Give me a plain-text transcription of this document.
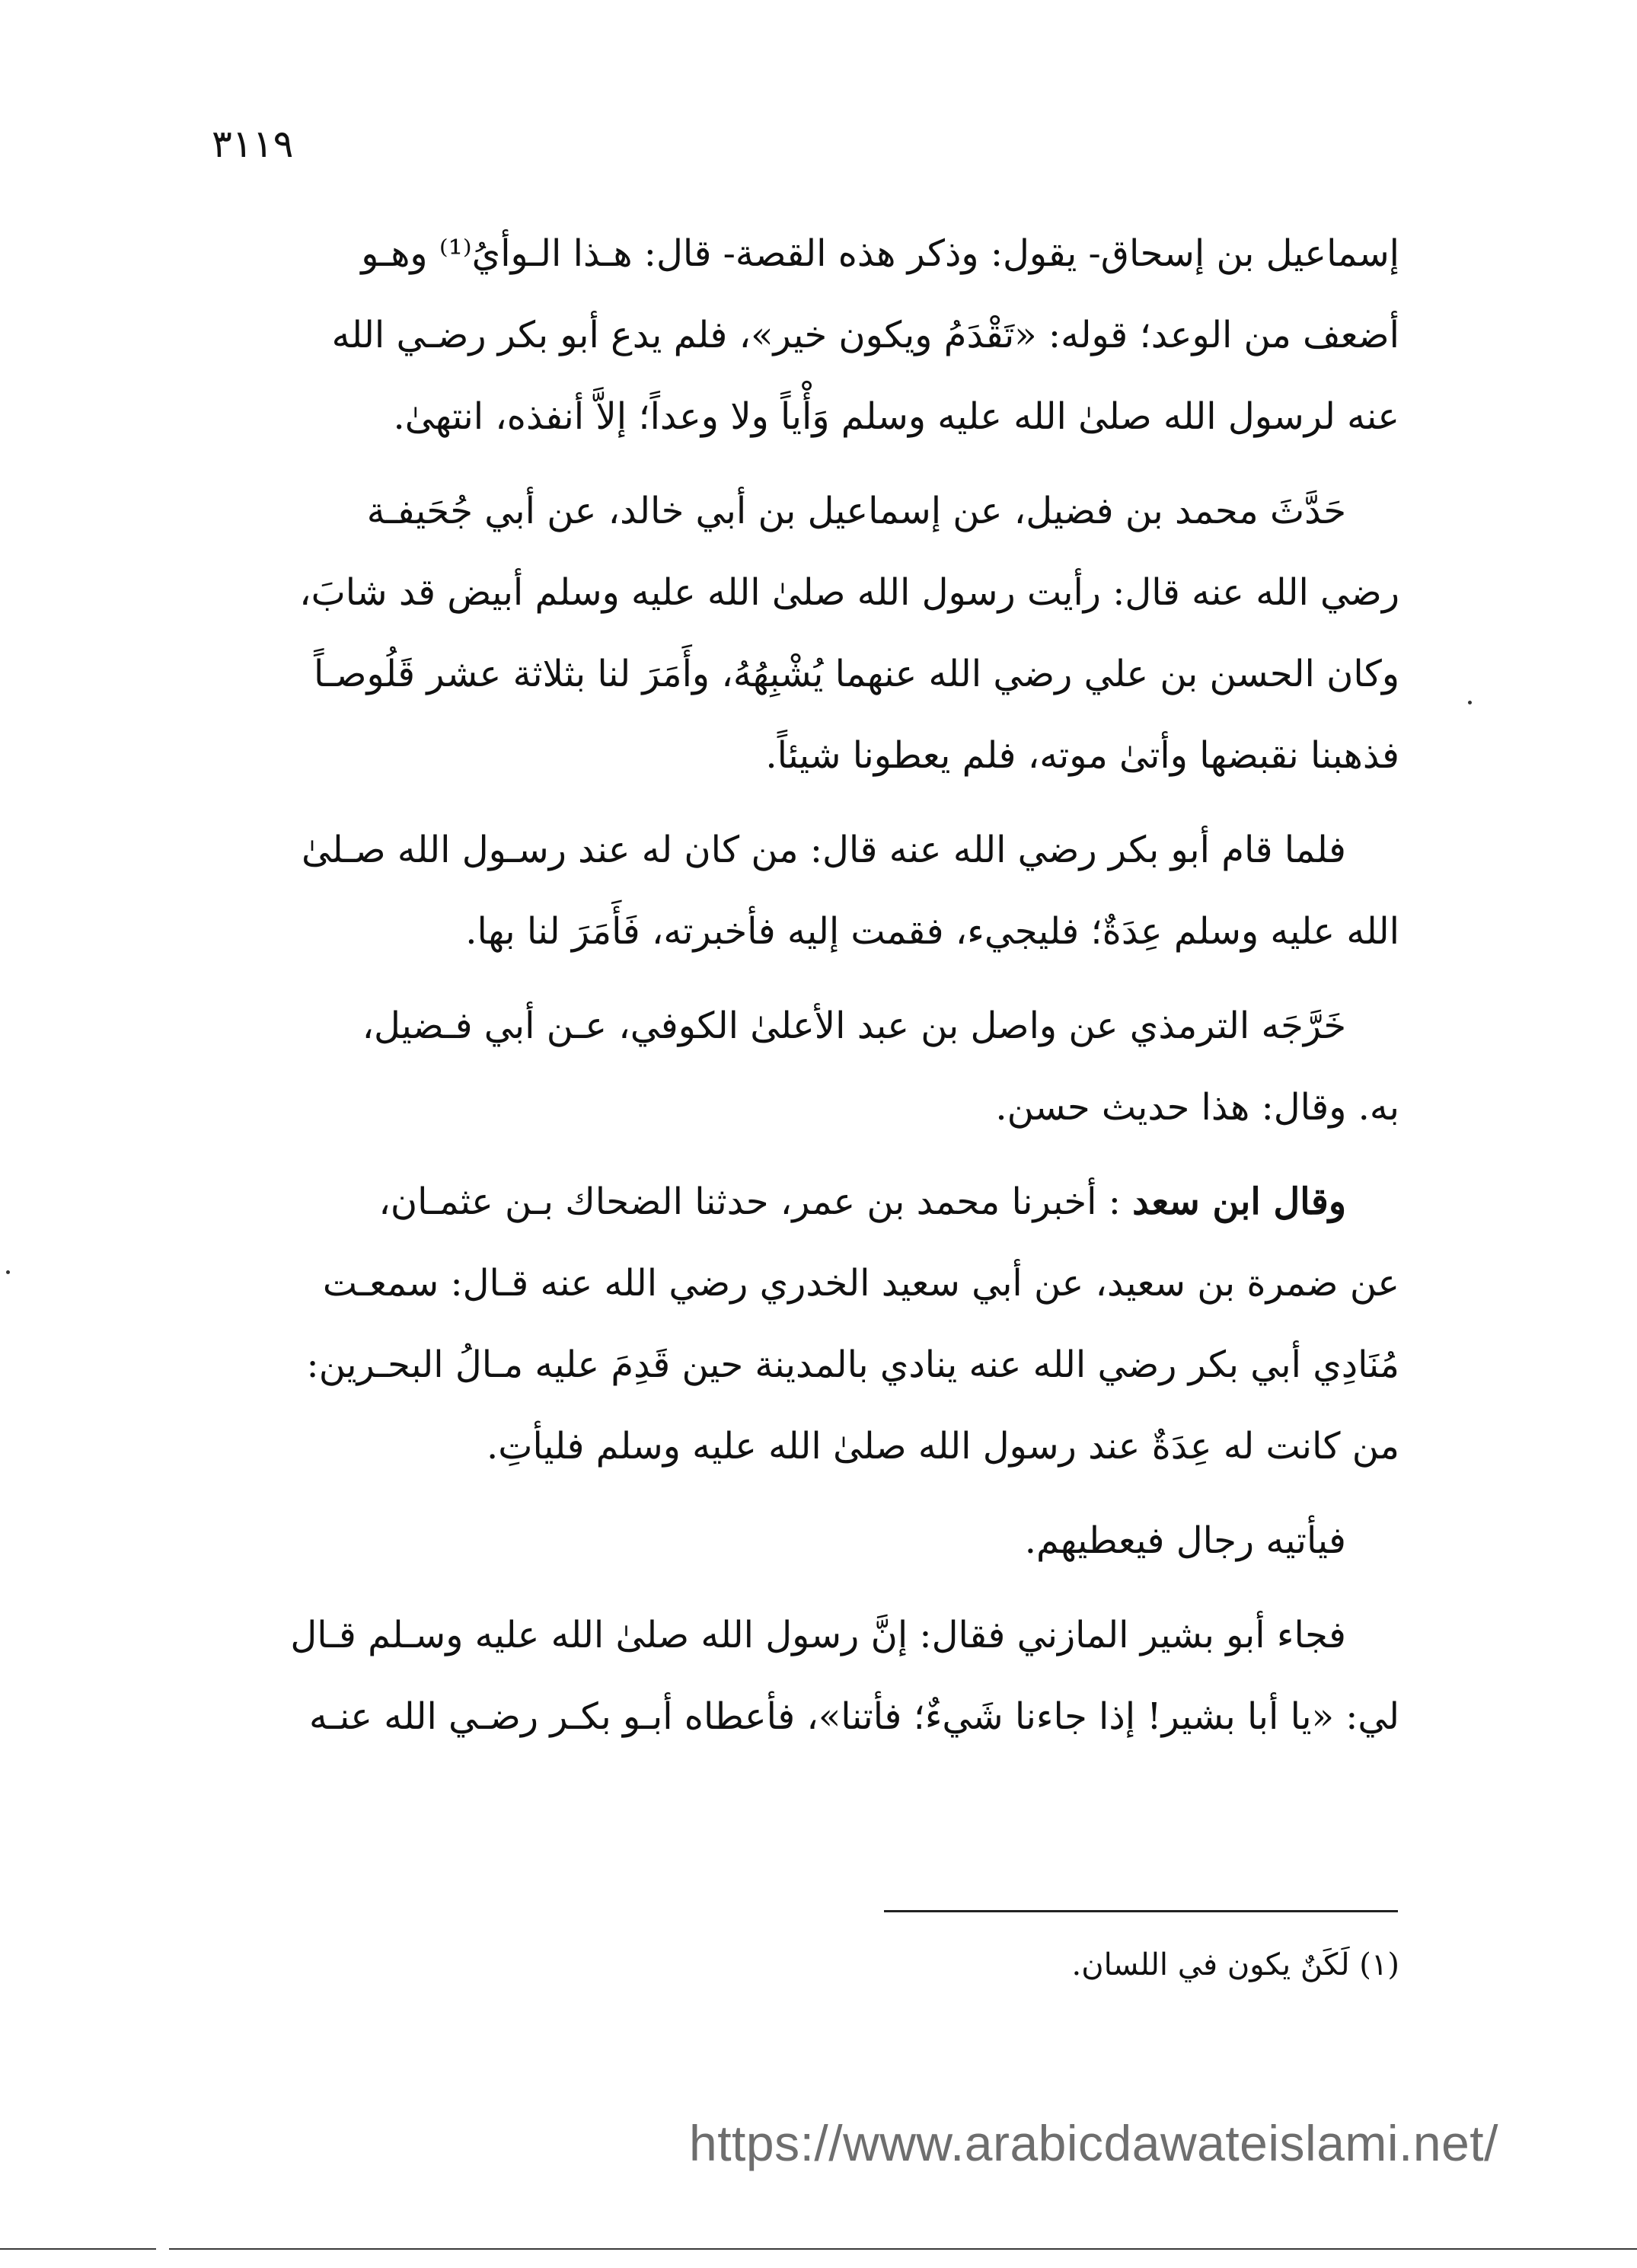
٣١١٩
إسماعيل بن إسحاق- يقول: وذكر هذه القصة- قال: هـذا الـوأيُ⁽¹⁾ وهـو
أضعف من الوعد؛ قوله: «تَقْدَمُ ويكون خير»، فلم يدع أبو بكر رضـي الله
عنه لرسول الله صلىٰ الله عليه وسلم وَأْياً ولا وعداً؛ إلاَّ أنفذه، انتهىٰ.
حَدَّثَ محمد بن فضيل، عن إسماعيل بن أبي خالد، عن أبي جُحَيفـة
رضي الله عنه قال: رأيت رسول الله صلىٰ الله عليه وسلم أبيض قد شابَ،
وكان الحسن بن علي رضي الله عنهما يُشْبِهُهُ، وأَمَرَ لنا بثلاثة عشر قَلُوصـاً
فذهبنا نقبضها وأتىٰ موته، فلم يعطونا شيئاً.
فلما قام أبو بكر رضي الله عنه قال: من كان له عند رسـول الله صـلىٰ
الله عليه وسلم عِدَةٌ؛ فليجيء، فقمت إليه فأخبرته، فَأَمَرَ لنا بها.
خَرَّجَه الترمذي عن واصل بن عبد الأعلىٰ الكوفي، عـن أبي فـضيل،
به. وقال: هذا حديث حسن.
وقال ابن سعد : أخبرنا محمد بن عمر، حدثنا الضحاك بـن عثمـان،
عن ضمرة بن سعيد، عن أبي سعيد الخدري رضي الله عنه قـال: سمعـت
مُنَادِي أبي بكر رضي الله عنه ينادي بالمدينة حين قَدِمَ عليه مـالُ البحـرين:
من كانت له عِدَةٌ عند رسول الله صلىٰ الله عليه وسلم فليأتِ.
فيأتيه رجال فيعطيهم.
فجاء أبو بشير المازني فقال: إنَّ رسول الله صلىٰ الله عليه وسـلم قـال
لي: «يا أبا بشير! إذا جاءنا شَيءٌ؛ فأتنا»، فأعطاه أبـو بكـر رضـي الله عنـه
(١) لَكَنٌ يكون في اللسان.
https://www.arabicdawateislami.net/
